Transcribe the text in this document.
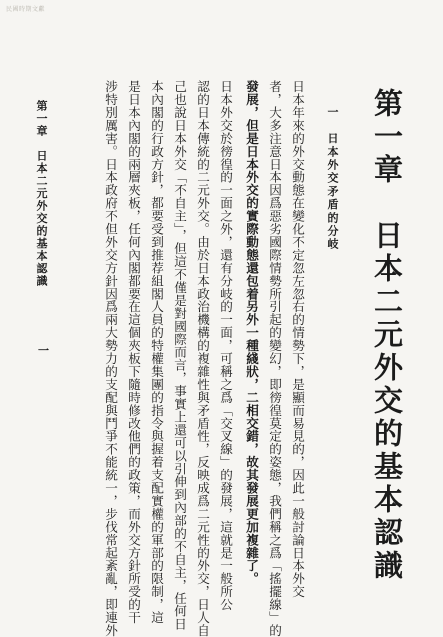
民國時期文獻
第一章　日本二元外交的基本認識
一　日本外交矛盾的分岐
日本年來的外交動態在變化不定忽左忽右的情勢下，是顯而易見的，因此一般討論日本外交
者，大多注意日本因爲惡劣國際情勢所引起的變幻，即徬徨莫定的姿態，我們稱之爲「搖擺線」的
發展，但是日本外交的實際動態還包着另外一種綫狀，二相交錯，故其發展更加複雜了。
日本外交於徬徨的一面之外，還有分岐的一面，可稱之爲「交叉線」的發展，這就是一般所公
認的日本傳統的二元外交。由於日本政治機構的複雜性與矛盾性，反映成爲二元性的外交，日人自
己也說日本外交「不自主」，但這不僅是對國際而言，事實上還可以引伸到內部的不自主，任何日
本內閣的行政方針，都要受到推荐組閣人員的特權集團的指令與握着支配實權的軍部的限制，這
是日本內閣的兩層夾板，任何內閣都要在這個夾板下隨時修改他們的政策，而外交方針所受的干
涉特別厲害。日本政府不但外交方針因爲兩大勢力的支配與鬥爭不能統一，步伐常起紊亂，即連外
第一章　日本二元外交的基本認識
一
